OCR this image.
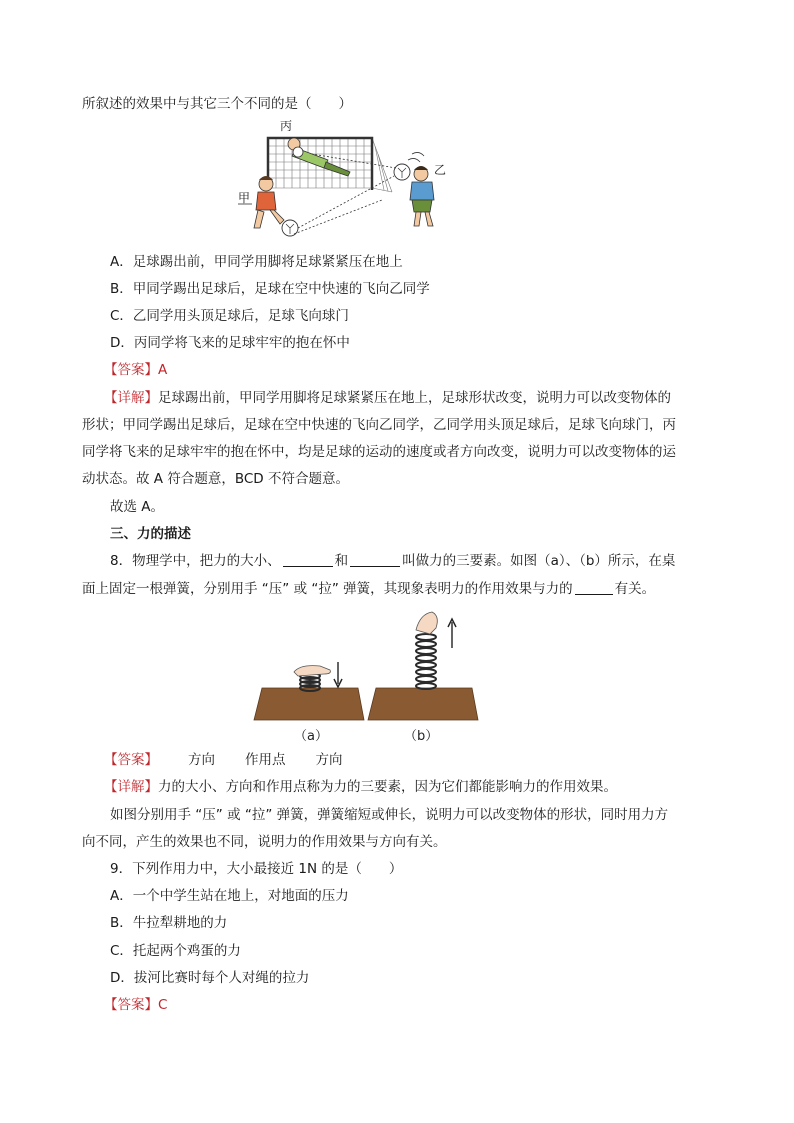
所叙述的效果中与其它三个不同的是（　　）
丙
乙
甲
A．足球踢出前，甲同学用脚将足球紧紧压在地上
B．甲同学踢出足球后，足球在空中快速的飞向乙同学
C．乙同学用头顶足球后，足球飞向球门
D．丙同学将飞来的足球牢牢的抱在怀中
【答案】A
【详解】足球踢出前，甲同学用脚将足球紧紧压在地上，足球形状改变，说明力可以改变物体的
形状；甲同学踢出足球后，足球在空中快速的飞向乙同学，乙同学用头顶足球后，足球飞向球门，丙
同学将飞来的足球牢牢的抱在怀中，均是足球的运动的速度或者方向改变，说明力可以改变物体的运
动状态。故 A 符合题意，BCD 不符合题意。
故选 A。
三、力的描述
8．物理学中，把力的大小、	和	叫做力的三要素。如图（a）、（b）所示，在桌
面上固定一根弹簧，分别用手 “压” 或 “拉” 弹簧，其现象表明力的作用效果与力的	有关。
（a）	（b）
【答案】 方向 作用点 方向
【详解】力的大小、方向和作用点称为力的三要素，因为它们都能影响力的作用效果。
如图分别用手 “压” 或 “拉” 弹簧，弹簧缩短或伸长，说明力可以改变物体的形状，同时用力方
向不同，产生的效果也不同，说明力的作用效果与方向有关。
9．下列作用力中，大小最接近 1N 的是（　　）
A．一个中学生站在地上，对地面的压力
B．牛拉犁耕地的力
C．托起两个鸡蛋的力
D．拔河比赛时每个人对绳的拉力
【答案】C
